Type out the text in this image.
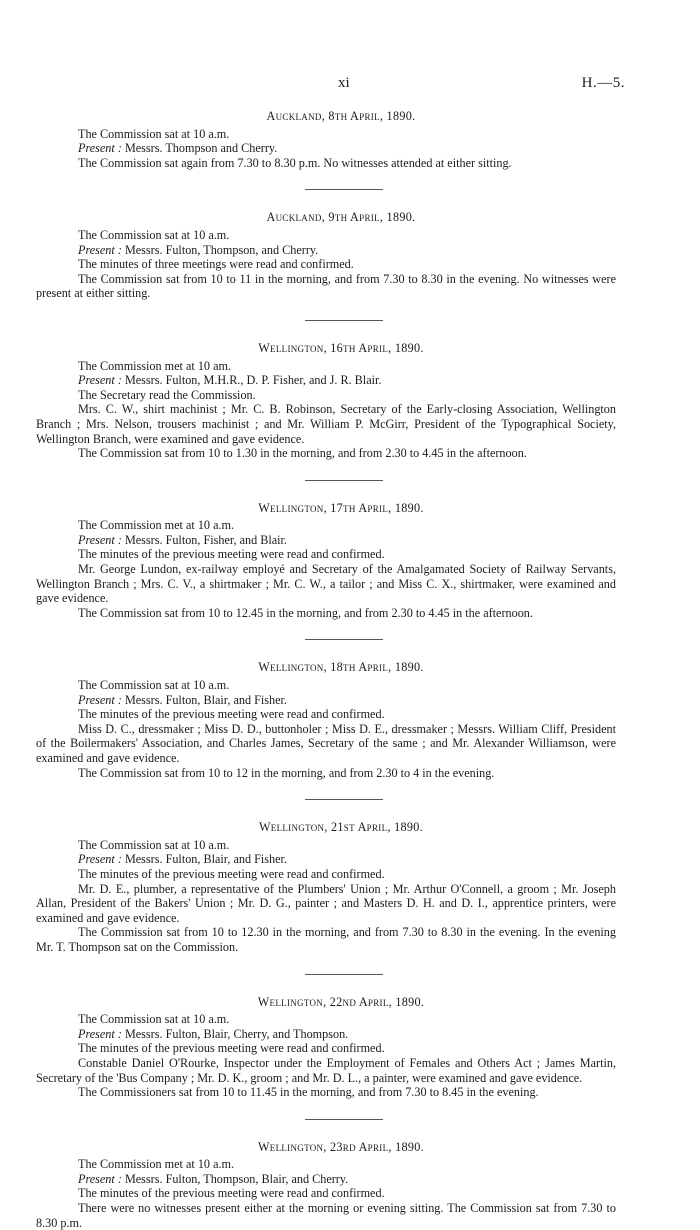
xi	H.—5.
Auckland, 8th April, 1890.

The Commission sat at 10 a.m.

Present : Messrs. Thompson and Cherry.

The Commission sat again from 7.30 to 8.30 p.m. No witnesses attended at either sitting.

Auckland, 9th April, 1890.

The Commission sat at 10 a.m.

Present : Messrs. Fulton, Thompson, and Cherry.

The minutes of three meetings were read and confirmed.

The Commission sat from 10 to 11 in the morning, and from 7.30 to 8.30 in the evening. No witnesses were present at either sitting.

Wellington, 16th April, 1890.

The Commission met at 10 am.

Present : Messrs. Fulton, M.H.R., D. P. Fisher, and J. R. Blair.

The Secretary read the Commission.

Mrs. C. W., shirt machinist ; Mr. C. B. Robinson, Secretary of the Early-closing Association, Wellington Branch ; Mrs. Nelson, trousers machinist ; and Mr. William P. McGirr, President of the Typographical Society, Wellington Branch, were examined and gave evidence.

The Commission sat from 10 to 1.30 in the morning, and from 2.30 to 4.45 in the afternoon.

Wellington, 17th April, 1890.

The Commission met at 10 a.m.

Present : Messrs. Fulton, Fisher, and Blair.

The minutes of the previous meeting were read and confirmed.

Mr. George Lundon, ex-railway employé and Secretary of the Amalgamated Society of Railway Servants, Wellington Branch ; Mrs. C. V., a shirtmaker ; Mr. C. W., a tailor ; and Miss C. X., shirtmaker, were examined and gave evidence.

The Commission sat from 10 to 12.45 in the morning, and from 2.30 to 4.45 in the afternoon.

Wellington, 18th April, 1890.

The Commission sat at 10 a.m.

Present : Messrs. Fulton, Blair, and Fisher.

The minutes of the previous meeting were read and confirmed.

Miss D. C., dressmaker ; Miss D. D., buttonholer ; Miss D. E., dressmaker ; Messrs. William Cliff, President of the Boilermakers' Association, and Charles James, Secretary of the same ; and Mr. Alexander Williamson, were examined and gave evidence.

The Commission sat from 10 to 12 in the morning, and from 2.30 to 4 in the evening.

Wellington, 21st April, 1890.

The Commission sat at 10 a.m.

Present : Messrs. Fulton, Blair, and Fisher.

The minutes of the previous meeting were read and confirmed.

Mr. D. E., plumber, a representative of the Plumbers' Union ; Mr. Arthur O'Connell, a groom ; Mr. Joseph Allan, President of the Bakers' Union ; Mr. D. G., painter ; and Masters D. H. and D. I., apprentice printers, were examined and gave evidence.

The Commission sat from 10 to 12.30 in the morning, and from 7.30 to 8.30 in the evening. In the evening Mr. T. Thompson sat on the Commission.

Wellington, 22nd April, 1890.

The Commission sat at 10 a.m.

Present : Messrs. Fulton, Blair, Cherry, and Thompson.

The minutes of the previous meeting were read and confirmed.

Constable Daniel O'Rourke, Inspector under the Employment of Females and Others Act ; James Martin, Secretary of the 'Bus Company ; Mr. D. K., groom ; and Mr. D. L., a painter, were examined and gave evidence.

The Commissioners sat from 10 to 11.45 in the morning, and from 7.30 to 8.45 in the evening.

Wellington, 23rd April, 1890.

The Commission met at 10 a.m.

Present : Messrs. Fulton, Thompson, Blair, and Cherry.

The minutes of the previous meeting were read and confirmed.

There were no witnesses present either at the morning or evening sitting. The Commission sat from 7.30 to 8.30 p.m.
